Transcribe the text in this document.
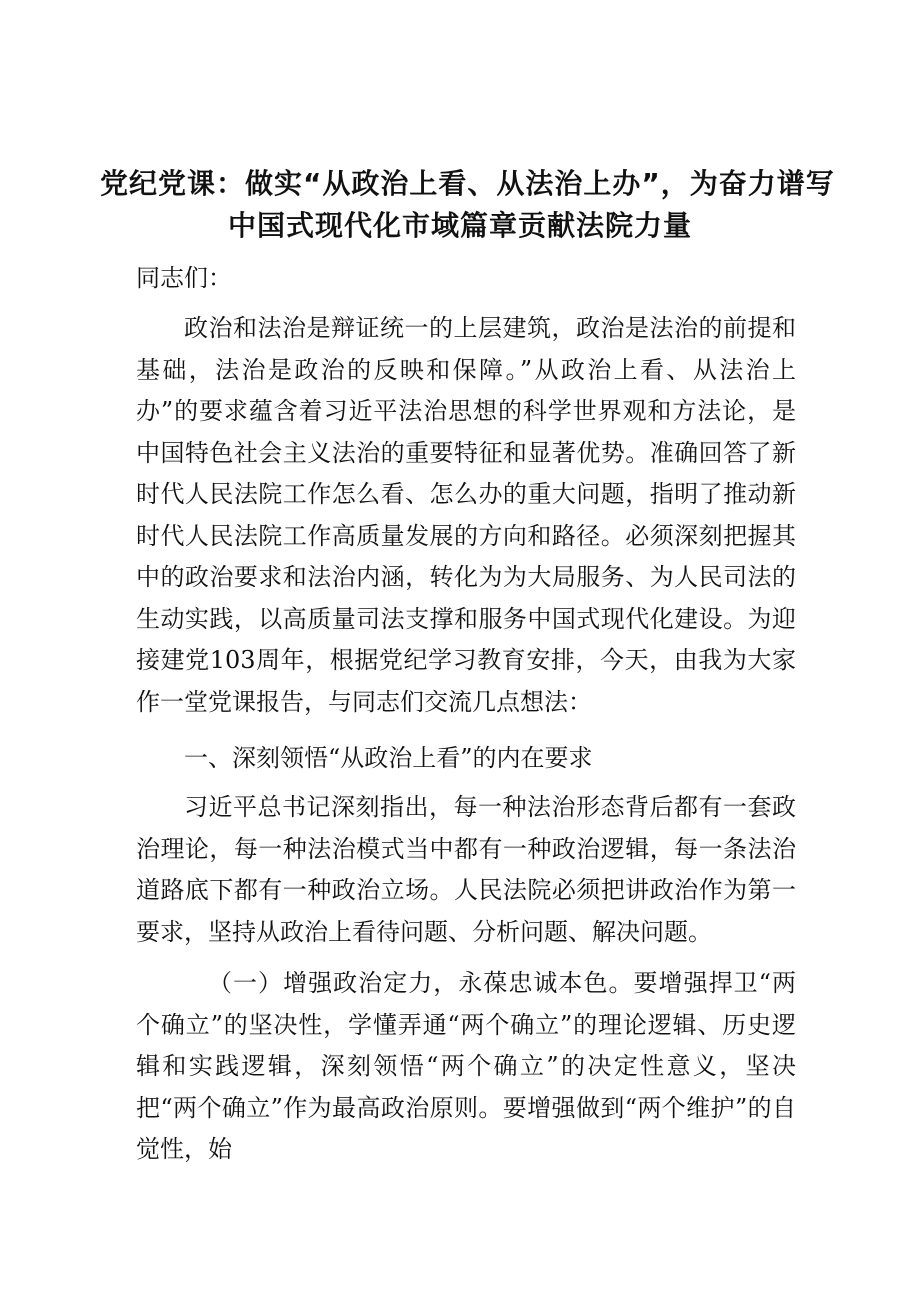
党纪党课：做实“从政治上看、从法治上办”，为奋力谱写
中国式现代化市域篇章贡献法院力量

同志们：

政治和法治是辩证统一的上层建筑，政治是法治的前提和基础，法治是政治的反映和保障。”从政治上看、从法治上办”的要求蕴含着习近平法治思想的科学世界观和方法论，是中国特色社会主义法治的重要特征和显著优势。准确回答了新时代人民法院工作怎么看、怎么办的重大问题，指明了推动新时代人民法院工作高质量发展的方向和路径。必须深刻把握其中的政治要求和法治内涵，转化为为大局服务、为人民司法的生动实践，以高质量司法支撑和服务中国式现代化建设。为迎接建党103周年，根据党纪学习教育安排，今天，由我为大家作一堂党课报告，与同志们交流几点想法：

一、深刻领悟“从政治上看”的内在要求

习近平总书记深刻指出，每一种法治形态背后都有一套政治理论，每一种法治模式当中都有一种政治逻辑，每一条法治道路底下都有一种政治立场。人民法院必须把讲政治作为第一要求，坚持从政治上看待问题、分析问题、解决问题。

（一）增强政治定力，永葆忠诚本色。要增强捍卫“两个确立”的坚决性，学懂弄通“两个确立”的理论逻辑、历史逻辑和实践逻辑，深刻领悟“两个确立”的决定性意义，坚决把“两个确立”作为最高政治原则。要增强做到“两个维护”的自觉性，始
